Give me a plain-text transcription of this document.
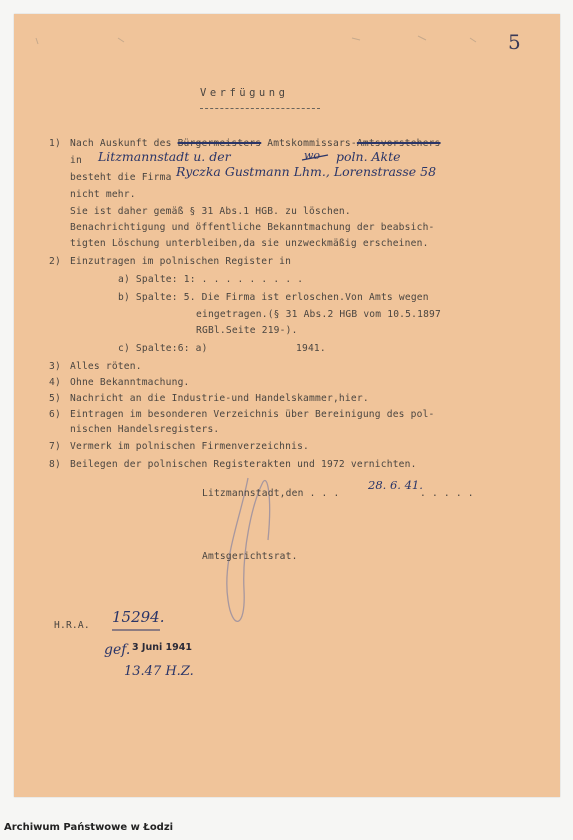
5
Verfügung
1) Nach Auskunft des Bürgermeisters Amtskommissars-Amtsvorstehers
in Litzmannstadt u. der	wo poln. Akte
besteht die Firma Ryczka Gustmann Lhm., Lorenstrasse 58
nicht mehr.
Sie ist daher gemäß § 31 Abs.1 HGB. zu löschen.
Benachrichtigung und öffentliche Bekanntmachung der beabsich-
tigten Löschung unterbleiben,da sie unzweckmäßig erscheinen.
2) Einzutragen im polnischen Register in
a) Spalte: 1: . . . . . . . . .
b) Spalte: 5. Die Firma ist erloschen.Von Amts wegen
eingetragen.(§ 31 Abs.2 HGB vom 10.5.1897
RGBl.Seite 219-).
c) Spalte:6: a)	1941.
3) Alles röten.
4) Ohne Bekanntmachung.
5) Nachricht an die Industrie-und Handelskammer,hier.
6) Eintragen im besonderen Verzeichnis über Bereinigung des pol-
nischen Handelsregisters.
7) Vermerk im polnischen Firmenverzeichnis.
8) Beilegen der polnischen Registerakten und 1972 vernichten.
Litzmannstadt,den . . .
28. 6. 41.
. . . . .
Amtsgerichtsrat.
H.R.A. 15294.
gef. 3 Juni 1941
13.47 H.Z.
Archiwum Państwowe w Łodzi
